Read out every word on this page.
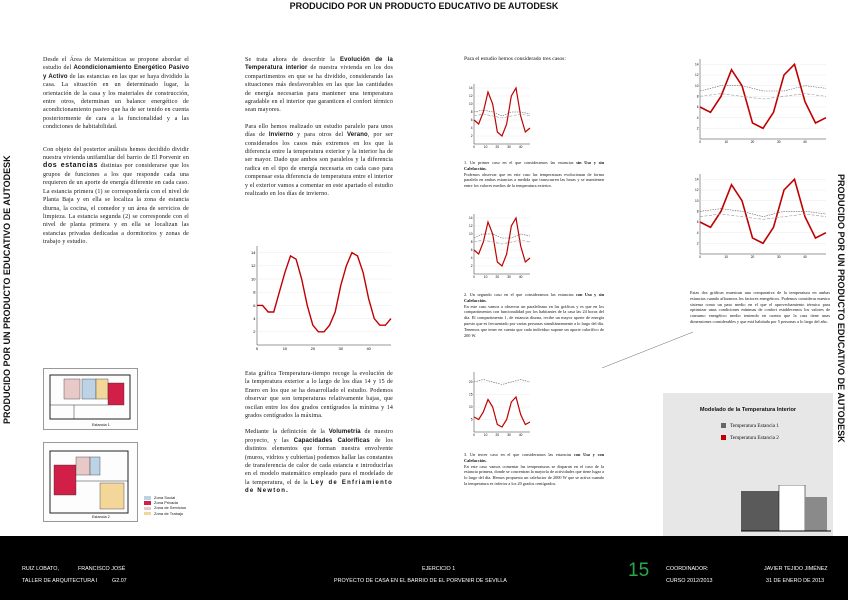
PRODUCIDO POR UN PRODUCTO EDUCATIVO DE AUTODESK
PRODUCIDO POR UN PRODUCTO EDUCATIVO DE AUTODESK	PRODUCIDO POR UN PRODUCTO EDUCATIVO DE AUTODESK

Desde el Área de Matemáticas se propone abordar el estudio del Acondicionamiento Energético Pasivo y Activo de las estancias en las que se haya dividido la casa. La situación en un determinado lugar, la orientación de la casa y los materiales de construcción, entre otros, determinan un balance energético de acondicionamiento pasivo que ha de ser tenido en cuenta posteriormente de cara a la funcionalidad y a las condiciones de habitabilidad.

Con objeto del posterior análisis hemos decidido dividir nuestra vivienda unifamiliar del barrio de El Porvenir en dos estancias distintas por considerarse que los grupos de funciones a los que responde cada una requieren de un aporte de energía diferente en cada caso. La estancia primera (1) se correspondería con el nivel de Planta Baja y en ella se localiza la zona de estancia diurna, la cocina, el comedor y un área de servicios de limpieza. La estancia segunda (2) se corresponde con el nivel de planta primera y en ella se localizan las estancias privadas dedicadas a dormitorios y zonas de trabajo y estudio.

Estancia 1
Estancia 2
Zona Social
Zona Privada
Zona de Servicios
Zona de Trabajo

Se trata ahora de describir la Evolución de la Temperatura interior de nuestra vivienda en los dos compartimentos en que se ha dividido, considerando las situaciones más desfavorables en las que las cantidades de energía necesarias para mantener una temperatura agradable en el interior que garanticen el confort térmico sean mayores.

Para ello hemos realizado un estudio paralelo para unos días de Invierno y para otros del Verano, por ser considerados los casos más extremos en los que la diferencia entre la temperatura exterior y la interior ha de ser mayor. Dado que ambos son paralelos y la diferencia radica en el tipo de energía necesaria en cada caso para compensar esta diferencia de temperatura entre el interior y el exterior vamos a comentar en este apartado el estudio realizado en los días de invierno.

Esta gráfica Temperatura-tiempo recoge la evolución de la temperatura exterior a lo largo de los días 14 y 15 de Enero en los que se ha desarrollado el estudio. Podemos observar que son temperaturas relativamente bajas, que oscilan entre los dos grados centígrados la mínima y 14 grados centígrados la máxima.

Mediante la definición de la Volumetría de nuestro proyecto, y las Capacidades Caloríficas de los distintos elementos que forman nuestra envolvente (muros, vidrios y cubiertas) podemos hallar las constantes de transferencia de calor de cada estancia e introducirlas en el modelo matemático empleado para el modelado de la temperatura, el de la Ley de Enfriamiento de Newton.

2
4
6
8
10
12
14
0	10	20	30	40
2
4
6
8
10
12
14
0	10	20	30	40
2
4
6
8
10
12
14
0	10	20	30	40
5
10
15
20
0	10	20	30	40
2
4
6
8
10
12
14
0	10	20	30	40
2
4
6
8
10
12
14
0	10	20	30	40
Para el estudio hemos considerado tres casos:
1. Un primer caso en el que consideramos las estancias sin Uso y sin Calefacción.
Podemos observar que en este caso las temperaturas evolucionan de forma paralela en ambas estancias a medida que transcurren las horas y se mantienen entre los valores medios de la temperatura exterior.
2. Un segundo caso en el que consideramos las estancias con Uso y sin Calefacción.
En este caso vamos a observar un paralelismo en las gráficas y es que en los compartimentos con funcionalidad por los habitantes de la casa las 24 horas del día. El compartimento 1, de estancia diurna, recibe un mayor aporte de energía puesto que es frecuentado por varias personas simultáneamente a lo largo del día. Tenemos que tener en cuenta que cada individuo supone un aporte calorífico de 200 W.
3. Un tercer caso en el que consideramos las estancias con Uso y con Calefacción.
En este caso vamos comentar las temperaturas se disparan en el caso de la estancia primera, donde se concentran la mayoría de actividades que tiene lugar a lo largo del día. Hemos propuesto un calefactor de 2000 W que se activa cuando la temperatura es inferior a los 20 grados centígrados.
Estas dos gráficas muestran una comparativa de la temperatura en ambas estancias cuando afloramos los factores energéticos. Podemos considerar nuestro sistema como un paso medio en el que el aprovechamiento térmico para optimizar unas condiciones mínimas de confort establecemos los valores de consumo energético medio teniendo en cuenta que la casa tiene unas dimensiones considerables y que está habitada por 5 personas a lo largo del año.
Modelado de la Temperatura Interior
Temperatura Estancia 1
Temperatura Estancia 2
RUIZ LOBATO,	FRANCISCO JOSÉ
TALLER DE ARQUITECTURA I	G2.07
EJERCICIO 1
PROYECTO DE CASA EN EL BARRIO DE EL PORVENIR DE SEVILLA	15	COORDINADOR:	JAVIER TEJIDO JIMÉNEZ
CURSO 2012/2013	31 DE ENERO DE 2013
